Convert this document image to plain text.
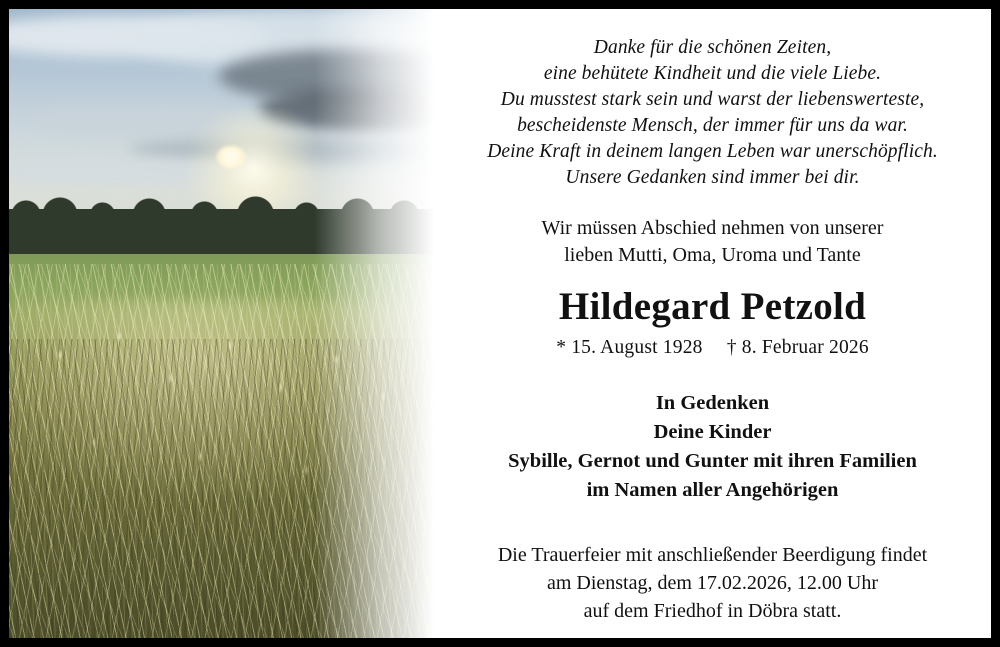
Danke für die schönen Zeiten,
eine behütete Kindheit und die viele Liebe.
Du musstest stark sein und warst der liebenswerteste,
bescheidenste Mensch, der immer für uns da war.
Deine Kraft in deinem langen Leben war unerschöpflich.
Unsere Gedanken sind immer bei dir.
Wir müssen Abschied nehmen von unserer
lieben Mutti, Oma, Uroma und Tante
Hildegard Petzold
* 15. August 1928 † 8. Februar 2026
In Gedenken
Deine Kinder
Sybille, Gernot und Gunter mit ihren Familien
im Namen aller Angehörigen
Die Trauerfeier mit anschließender Beerdigung findet
am Dienstag, dem 17.02.2026, 12.00 Uhr
auf dem Friedhof in Döbra statt.
